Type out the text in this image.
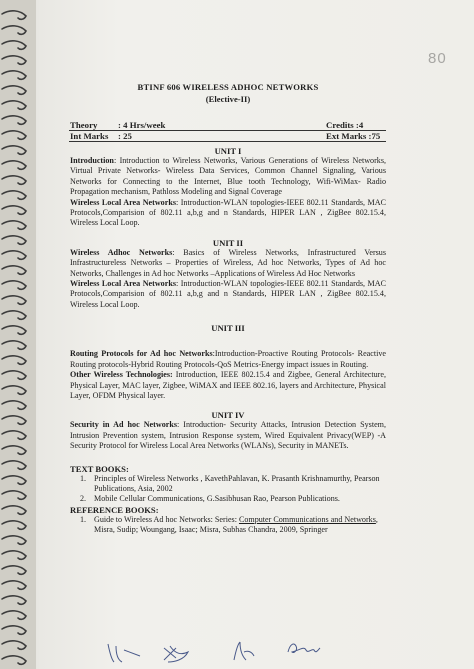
80
BTINF 606 WIRELESS ADHOC NETWORKS
(Elective-II)
Theory : 4 Hrs/week	Credits :4
Int Marks : 25	Ext Marks :75
UNIT I

Introduction: Introduction to Wireless Networks, Various Generations of Wireless Networks, Virtual Private Networks- Wireless Data Services, Common Channel Signaling, Various Networks for Connecting to the Internet, Blue tooth Technology, Wifi-WiMax- Radio Propagation mechanism, Pathloss Modeling and Signal Coverage

Wireless Local Area Networks: Introduction-WLAN topologies-IEEE 802.11 Standards, MAC Protocols,Comparision of 802.11 a,b,g and n Standards, HIPER LAN , ZigBee 802.15.4, Wireless Local Loop.

UNIT II

Wireless Adhoc Networks: Basics of Wireless Networks, Infrastructured Versus Infrastructureless Networks – Properties of Wireless, Ad hoc Networks, Types of Ad hoc Networks, Challenges in Ad hoc Networks –Applications of Wireless Ad Hoc Networks

Wireless Local Area Networks: Introduction-WLAN topologies-IEEE 802.11 Standards, MAC Protocols,Comparision of 802.11 a,b,g and n Standards, HIPER LAN , ZigBee 802.15.4, Wireless Local Loop.

UNIT III

Routing Protocols for Ad hoc Networks:Introduction-Proactive Routing Protocols- Reactive Routing protocols-Hybrid Routing Protocols-QoS Metrics-Energy impact issues in Routing.

Other Wireless Technologies: Introduction, IEEE 802.15.4 and Zigbee, General Architecture, Physical Layer, MAC layer, Zigbee, WiMAX and IEEE 802.16, layers and Architecture, Physical Layer, OFDM Physical layer.

UNIT IV

Security in Ad hoc Networks: Introduction- Security Attacks, Intrusion Detection System, Intrusion Prevention system, Intrusion Response system, Wired Equivalent Privacy(WEP) -A Security Protocol for Wireless Local Area Networks (WLANs), Security in MANETs.

TEXT BOOKS:
1. Principles of Wireless Networks , KavethPahlavan, K. Prasanth Krishnamurthy, Pearson Publications, Asia, 2002
2. Mobile Cellular Communications, G.Sasibhusan Rao, Pearson Publications.
REFERENCE BOOKS:
1. Guide to Wireless Ad hoc Networks: Series: Computer Communications and Networks, Misra, Sudip; Woungang, Isaac; Misra, Subhas Chandra, 2009, Springer
